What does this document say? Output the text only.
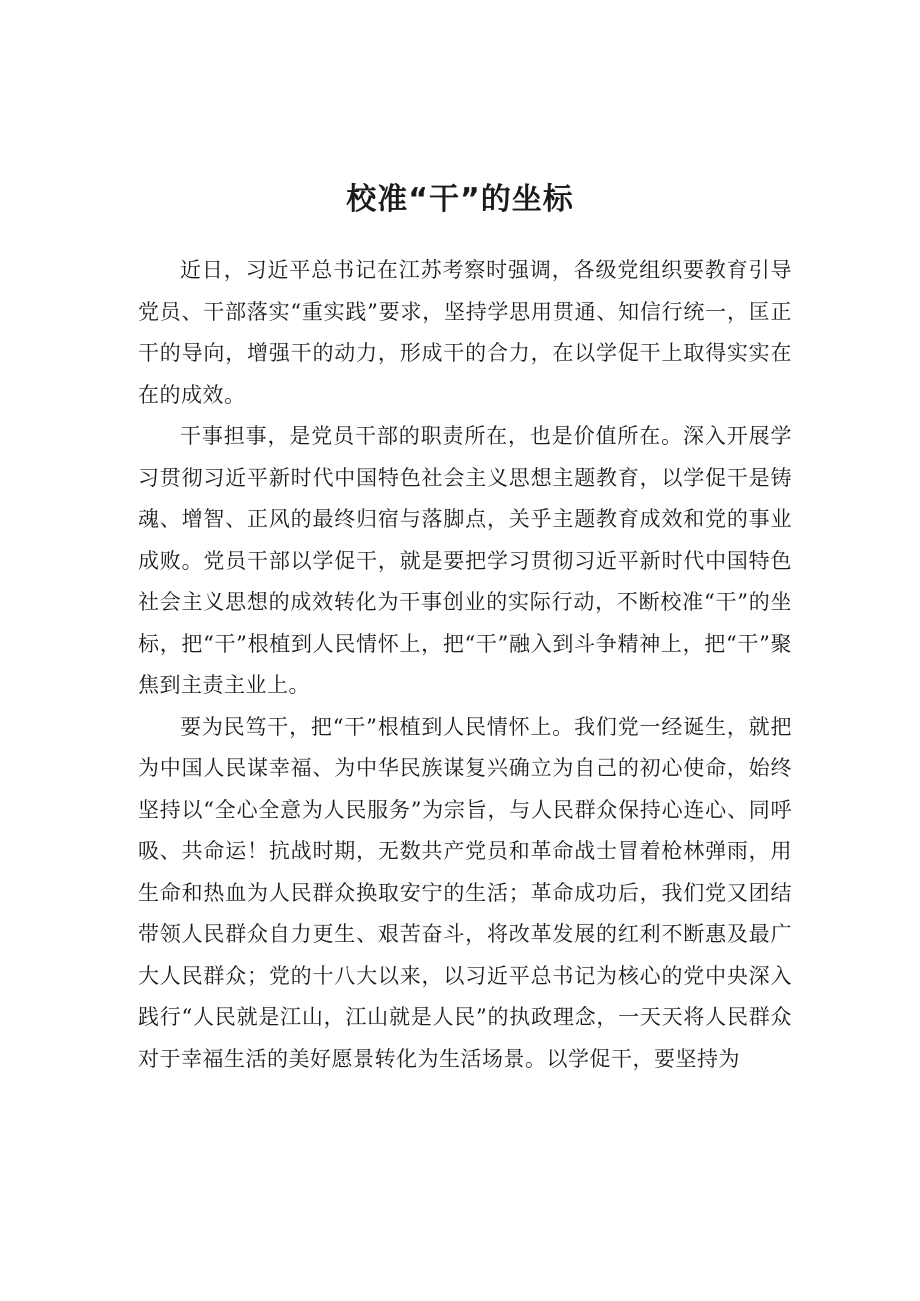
校准“干”的坐标

近日，习近平总书记在江苏考察时强调，各级党组织要教育引导党员、干部落实“重实践”要求，坚持学思用贯通、知信行统一，匡正干的导向，增强干的动力，形成干的合力，在以学促干上取得实实在在的成效。

干事担事，是党员干部的职责所在，也是价值所在。深入开展学习贯彻习近平新时代中国特色社会主义思想主题教育，以学促干是铸魂、增智、正风的最终归宿与落脚点，关乎主题教育成效和党的事业成败。党员干部以学促干，就是要把学习贯彻习近平新时代中国特色社会主义思想的成效转化为干事创业的实际行动，不断校准“干”的坐标，把“干”根植到人民情怀上，把“干”融入到斗争精神上，把“干”聚焦到主责主业上。

要为民笃干，把“干”根植到人民情怀上。我们党一经诞生，就把为中国人民谋幸福、为中华民族谋复兴确立为自己的初心使命，始终坚持以“全心全意为人民服务”为宗旨，与人民群众保持心连心、同呼吸、共命运！抗战时期，无数共产党员和革命战士冒着枪林弹雨，用生命和热血为人民群众换取安宁的生活；革命成功后，我们党又团结带领人民群众自力更生、艰苦奋斗，将改革发展的红利不断惠及最广大人民群众；党的十八大以来，以习近平总书记为核心的党中央深入践行“人民就是江山，江山就是人民”的执政理念，一天天将人民群众对于幸福生活的美好愿景转化为生活场景。以学促干，要坚持为
